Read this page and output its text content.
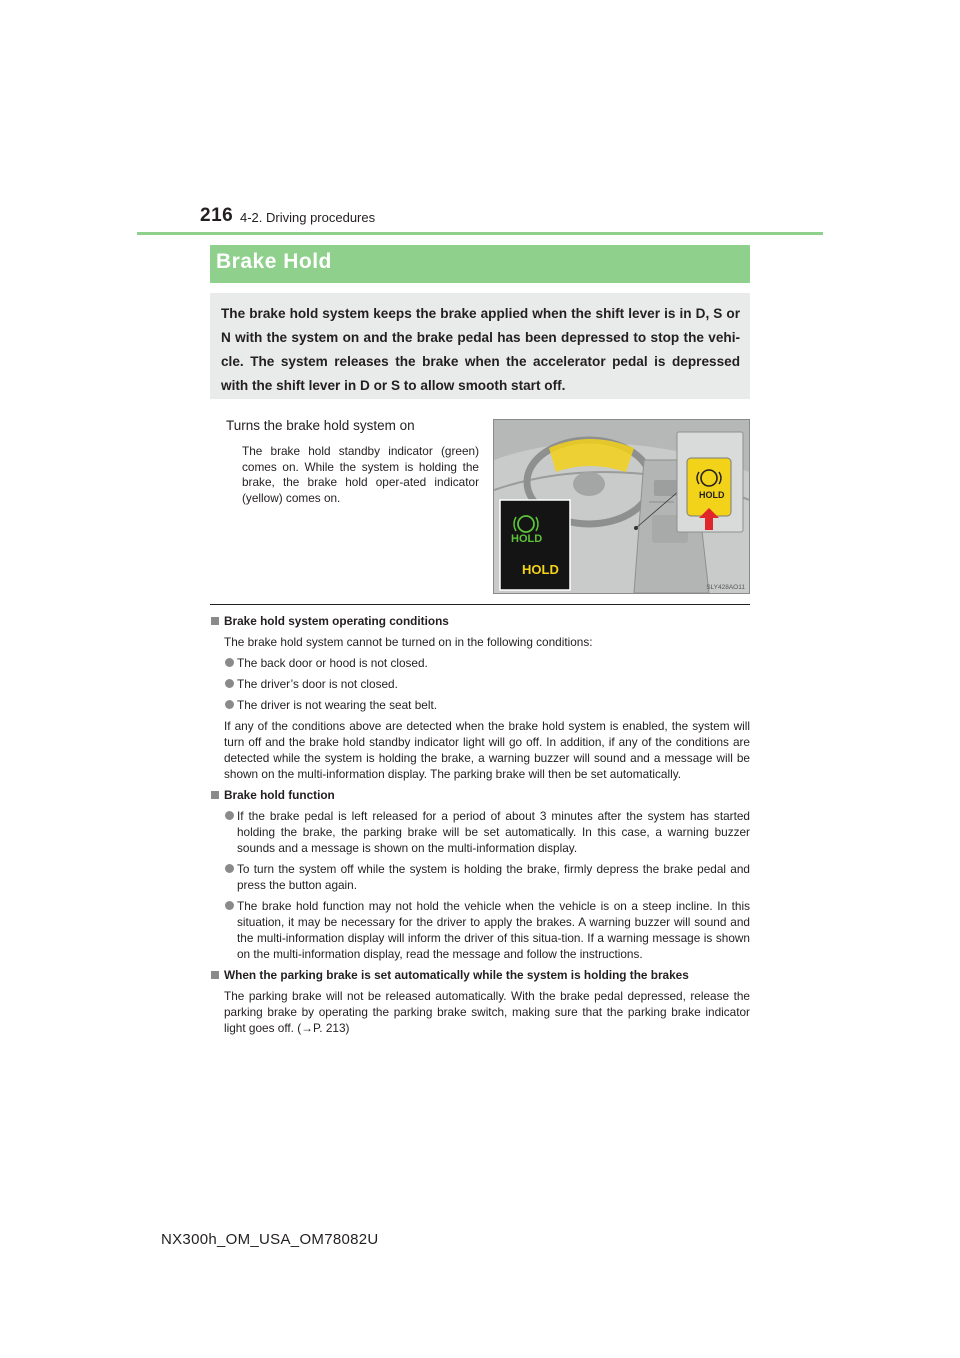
216 4-2. Driving procedures
Brake Hold

The brake hold system keeps the brake applied when the shift lever is in D, S or N with the system on and the brake pedal has been depressed to stop the vehi-cle. The system releases the brake when the accelerator pedal is depressed with the shift lever in D or S to allow smooth start off.

Turns the brake hold system on
The brake hold standby indicator (green) comes on. While the system is holding the brake, the brake hold oper-ated indicator (yellow) comes on.	HOLD
HOLD
HOLD
SLY428AO11
Brake hold system operating conditions

The brake hold system cannot be turned on in the following conditions:

The back door or hood is not closed.

The driver’s door is not closed.

The driver is not wearing the seat belt.

If any of the conditions above are detected when the brake hold system is enabled, the system will turn off and the brake hold standby indicator light will go off. In addition, if any of the conditions are detected while the system is holding the brake, a warning buzzer will sound and a message will be shown on the multi-information display. The parking brake will then be set automatically.

Brake hold function

If the brake pedal is left released for a period of about 3 minutes after the system has started holding the brake, the parking brake will be set automatically. In this case, a warning buzzer sounds and a message is shown on the multi-information display.

To turn the system off while the system is holding the brake, firmly depress the brake pedal and press the button again.

The brake hold function may not hold the vehicle when the vehicle is on a steep incline. In this situation, it may be necessary for the driver to apply the brakes. A warning buzzer will sound and the multi-information display will inform the driver of this situa-tion. If a warning message is shown on the multi-information display, read the message and follow the instructions.

When the parking brake is set automatically while the system is holding the brakes

The parking brake will not be released automatically. With the brake pedal depressed, release the parking brake by operating the parking brake switch, making sure that the parking brake indicator light goes off. (→P. 213)

NX300h_OM_USA_OM78082U
